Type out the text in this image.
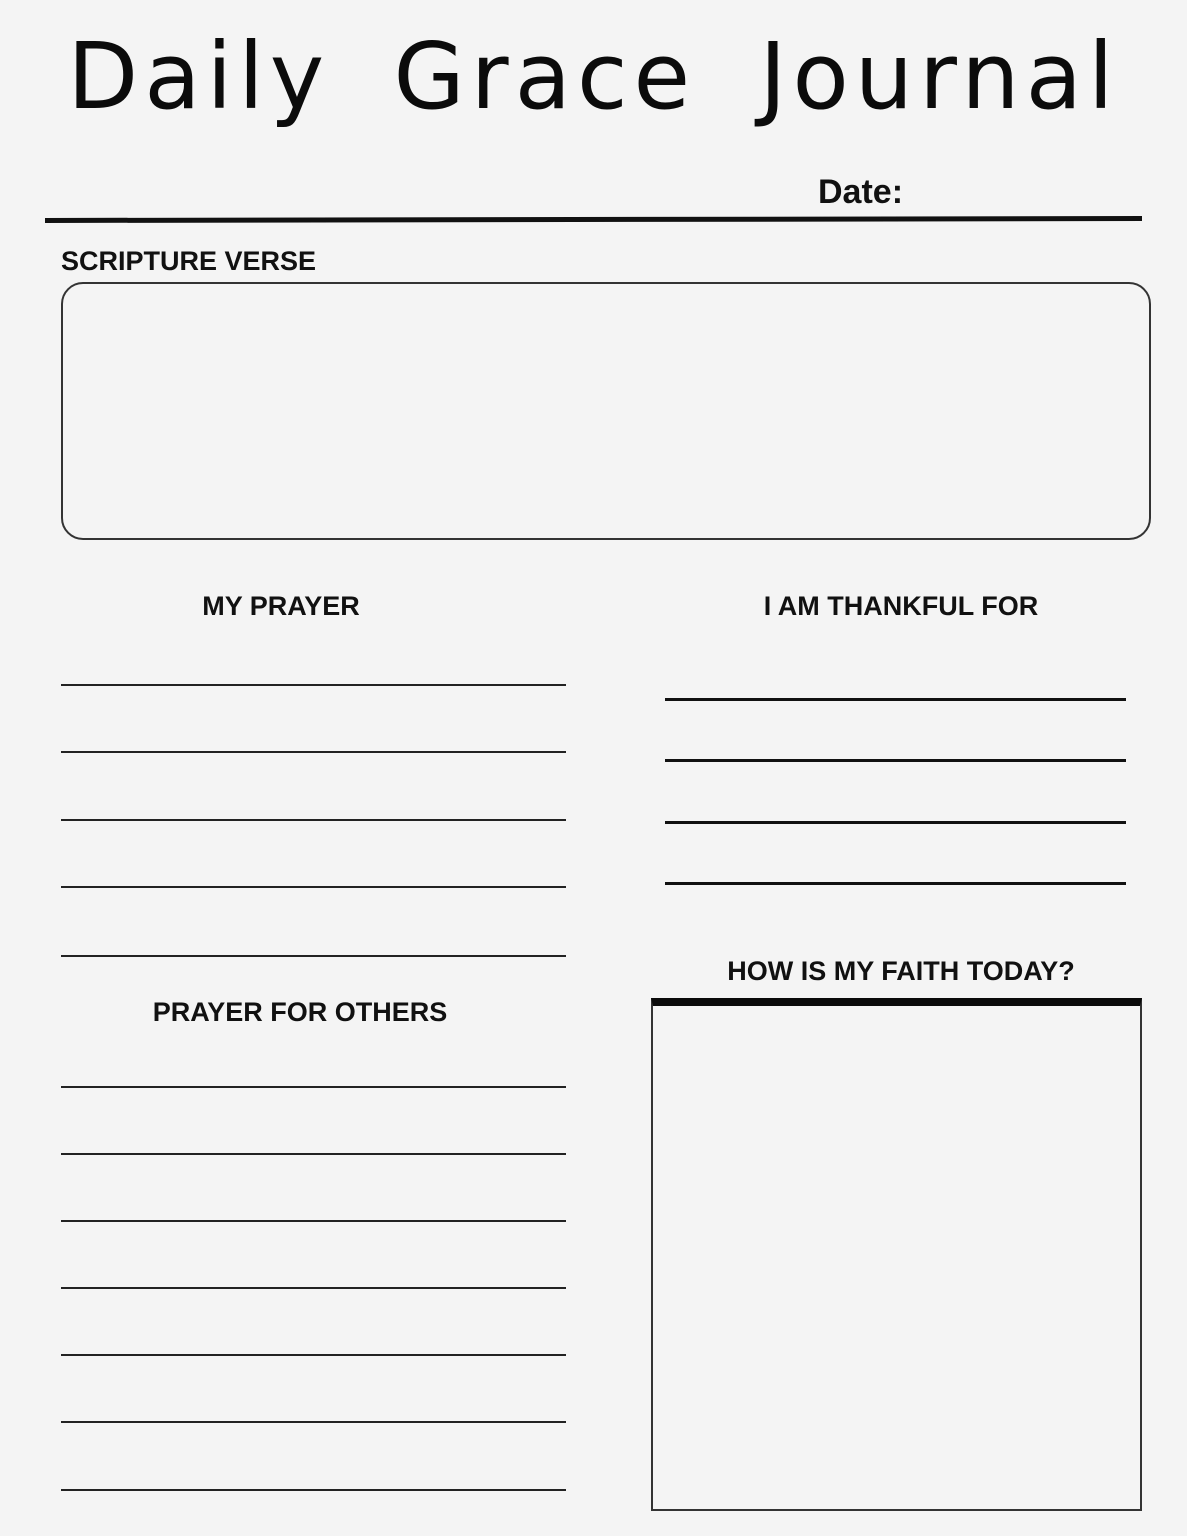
Daily Grace Journal
Date:
SCRIPTURE VERSE
MY PRAYER	I AM THANKFUL FOR
HOW IS MY FAITH TODAY?
PRAYER FOR OTHERS
